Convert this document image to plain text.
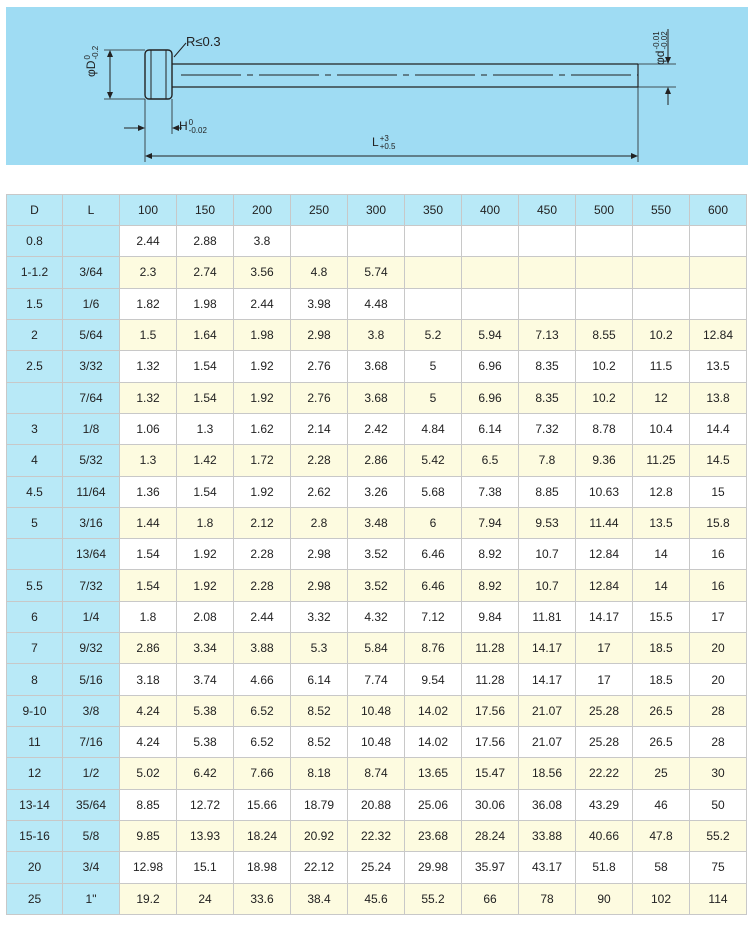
R≤0.3
φD
0 -0.2	φd
-0.01 -0.02
H 0
-0.02
L +3
+0.5
D	L	100	150	200	250	300	350	400	450	500	550	600
0.8		2.44	2.88	3.8								
1-1.2	3/64	2.3	2.74	3.56	4.8	5.74						
1.5	1/6	1.82	1.98	2.44	3.98	4.48						
2	5/64	1.5	1.64	1.98	2.98	3.8	5.2	5.94	7.13	8.55	10.2	12.84
2.5	3/32	1.32	1.54	1.92	2.76	3.68	5	6.96	8.35	10.2	11.5	13.5
	7/64	1.32	1.54	1.92	2.76	3.68	5	6.96	8.35	10.2	12	13.8
3	1/8	1.06	1.3	1.62	2.14	2.42	4.84	6.14	7.32	8.78	10.4	14.4
4	5/32	1.3	1.42	1.72	2.28	2.86	5.42	6.5	7.8	9.36	11.25	14.5
4.5	11/64	1.36	1.54	1.92	2.62	3.26	5.68	7.38	8.85	10.63	12.8	15
5	3/16	1.44	1.8	2.12	2.8	3.48	6	7.94	9.53	11.44	13.5	15.8
	13/64	1.54	1.92	2.28	2.98	3.52	6.46	8.92	10.7	12.84	14	16
5.5	7/32	1.54	1.92	2.28	2.98	3.52	6.46	8.92	10.7	12.84	14	16
6	1/4	1.8	2.08	2.44	3.32	4.32	7.12	9.84	11.81	14.17	15.5	17
7	9/32	2.86	3.34	3.88	5.3	5.84	8.76	11.28	14.17	17	18.5	20
8	5/16	3.18	3.74	4.66	6.14	7.74	9.54	11.28	14.17	17	18.5	20
9-10	3/8	4.24	5.38	6.52	8.52	10.48	14.02	17.56	21.07	25.28	26.5	28
11	7/16	4.24	5.38	6.52	8.52	10.48	14.02	17.56	21.07	25.28	26.5	28
12	1/2	5.02	6.42	7.66	8.18	8.74	13.65	15.47	18.56	22.22	25	30
13-14	35/64	8.85	12.72	15.66	18.79	20.88	25.06	30.06	36.08	43.29	46	50
15-16	5/8	9.85	13.93	18.24	20.92	22.32	23.68	28.24	33.88	40.66	47.8	55.2
20	3/4	12.98	15.1	18.98	22.12	25.24	29.98	35.97	43.17	51.8	58	75
25	1"	19.2	24	33.6	38.4	45.6	55.2	66	78	90	102	114
